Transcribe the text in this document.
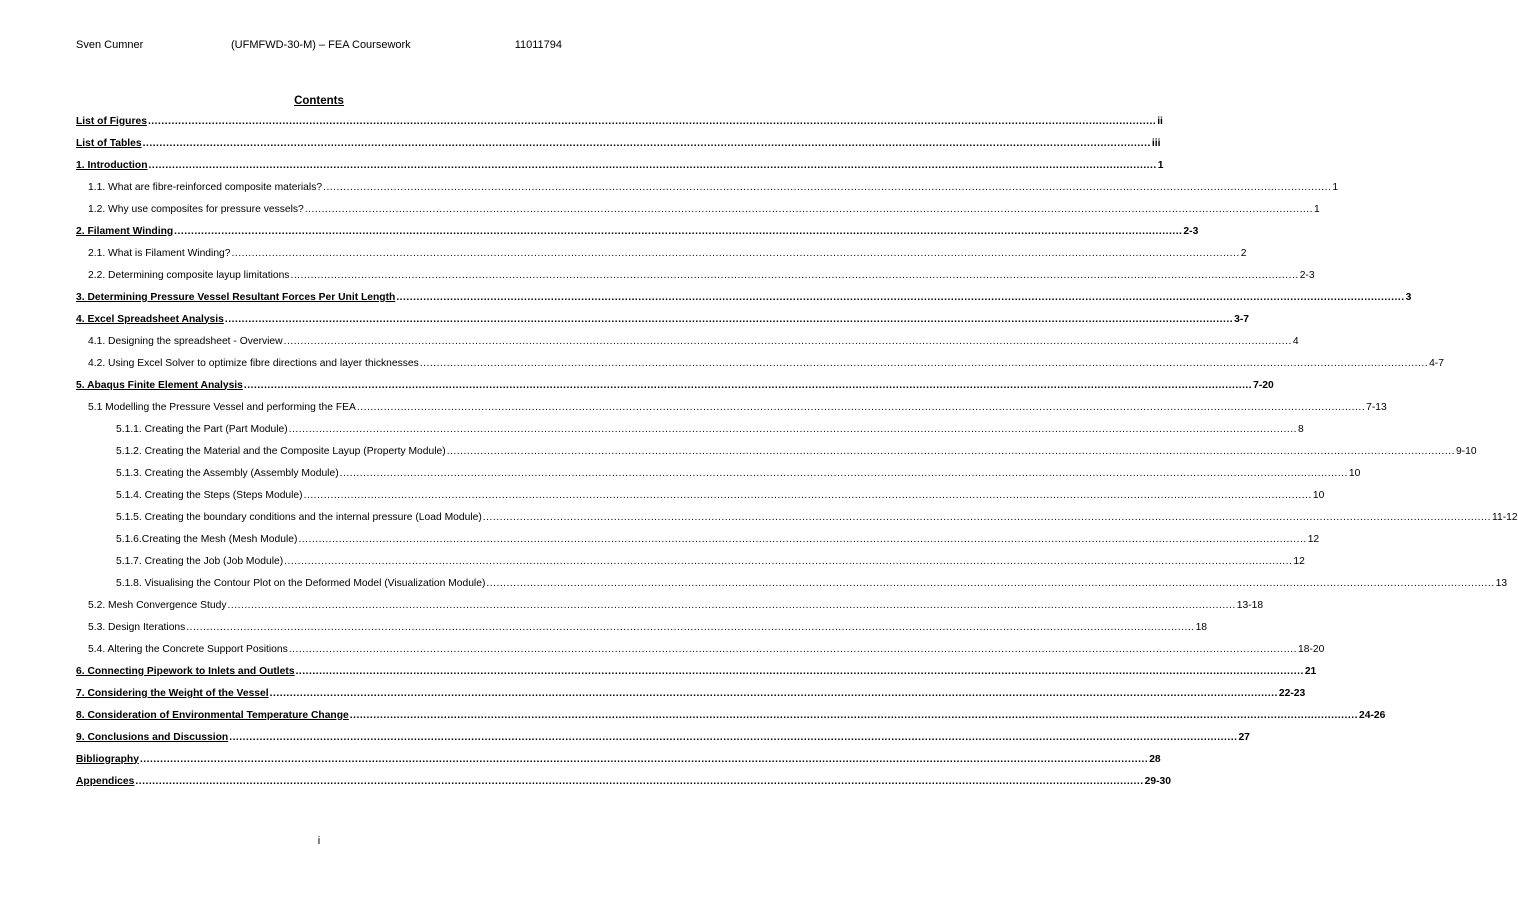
Sven Cumner	(UFMFWD-30-M) – FEA Coursework	11011794
Contents
List of Figures ............................................................................................................................................................................................................................................................................................................ ii
List of Tables ............................................................................................................................................................................................................................................................................................................ iii
1. Introduction ............................................................................................................................................................................................................................................................................................................ 1
1.1. What are fibre-reinforced composite materials? ............................................................................................................................................................................................................................................................................................................ 1
1.2. Why use composites for pressure vessels? ............................................................................................................................................................................................................................................................................................................ 1
2. Filament Winding ............................................................................................................................................................................................................................................................................................................ 2-3
2.1. What is Filament Winding? ............................................................................................................................................................................................................................................................................................................ 2
2.2. Determining composite layup limitations ............................................................................................................................................................................................................................................................................................................ 2-3
3. Determining Pressure Vessel Resultant Forces Per Unit Length ............................................................................................................................................................................................................................................................................................................ 3
4. Excel Spreadsheet Analysis ............................................................................................................................................................................................................................................................................................................ 3-7
4.1. Designing the spreadsheet - Overview ............................................................................................................................................................................................................................................................................................................ 4
4.2. Using Excel Solver to optimize fibre directions and layer thicknesses ............................................................................................................................................................................................................................................................................................................ 4-7
5. Abaqus Finite Element Analysis ............................................................................................................................................................................................................................................................................................................ 7-20
5.1 Modelling the Pressure Vessel and performing the FEA ............................................................................................................................................................................................................................................................................................................ 7-13
5.1.1. Creating the Part (Part Module) ............................................................................................................................................................................................................................................................................................................ 8
5.1.2. Creating the Material and the Composite Layup (Property Module) ............................................................................................................................................................................................................................................................................................................ 9-10
5.1.3. Creating the Assembly (Assembly Module) ............................................................................................................................................................................................................................................................................................................ 10
5.1.4. Creating the Steps (Steps Module) ............................................................................................................................................................................................................................................................................................................ 10
5.1.5. Creating the boundary conditions and the internal pressure (Load Module) ............................................................................................................................................................................................................................................................................................................ 11-12
5.1.6.Creating the Mesh (Mesh Module) ............................................................................................................................................................................................................................................................................................................ 12
5.1.7. Creating the Job (Job Module) ............................................................................................................................................................................................................................................................................................................ 12
5.1.8. Visualising the Contour Plot on the Deformed Model (Visualization Module) ............................................................................................................................................................................................................................................................................................................ 13
5.2. Mesh Convergence Study ............................................................................................................................................................................................................................................................................................................ 13-18
5.3. Design Iterations ............................................................................................................................................................................................................................................................................................................ 18
5.4. Altering the Concrete Support Positions ............................................................................................................................................................................................................................................................................................................ 18-20
6. Connecting Pipework to Inlets and Outlets ............................................................................................................................................................................................................................................................................................................ 21
7. Considering the Weight of the Vessel ............................................................................................................................................................................................................................................................................................................ 22-23
8. Consideration of Environmental Temperature Change ............................................................................................................................................................................................................................................................................................................ 24-26
9. Conclusions and Discussion ............................................................................................................................................................................................................................................................................................................ 27
Bibliography ............................................................................................................................................................................................................................................................................................................ 28
Appendices ............................................................................................................................................................................................................................................................................................................ 29-30
i
